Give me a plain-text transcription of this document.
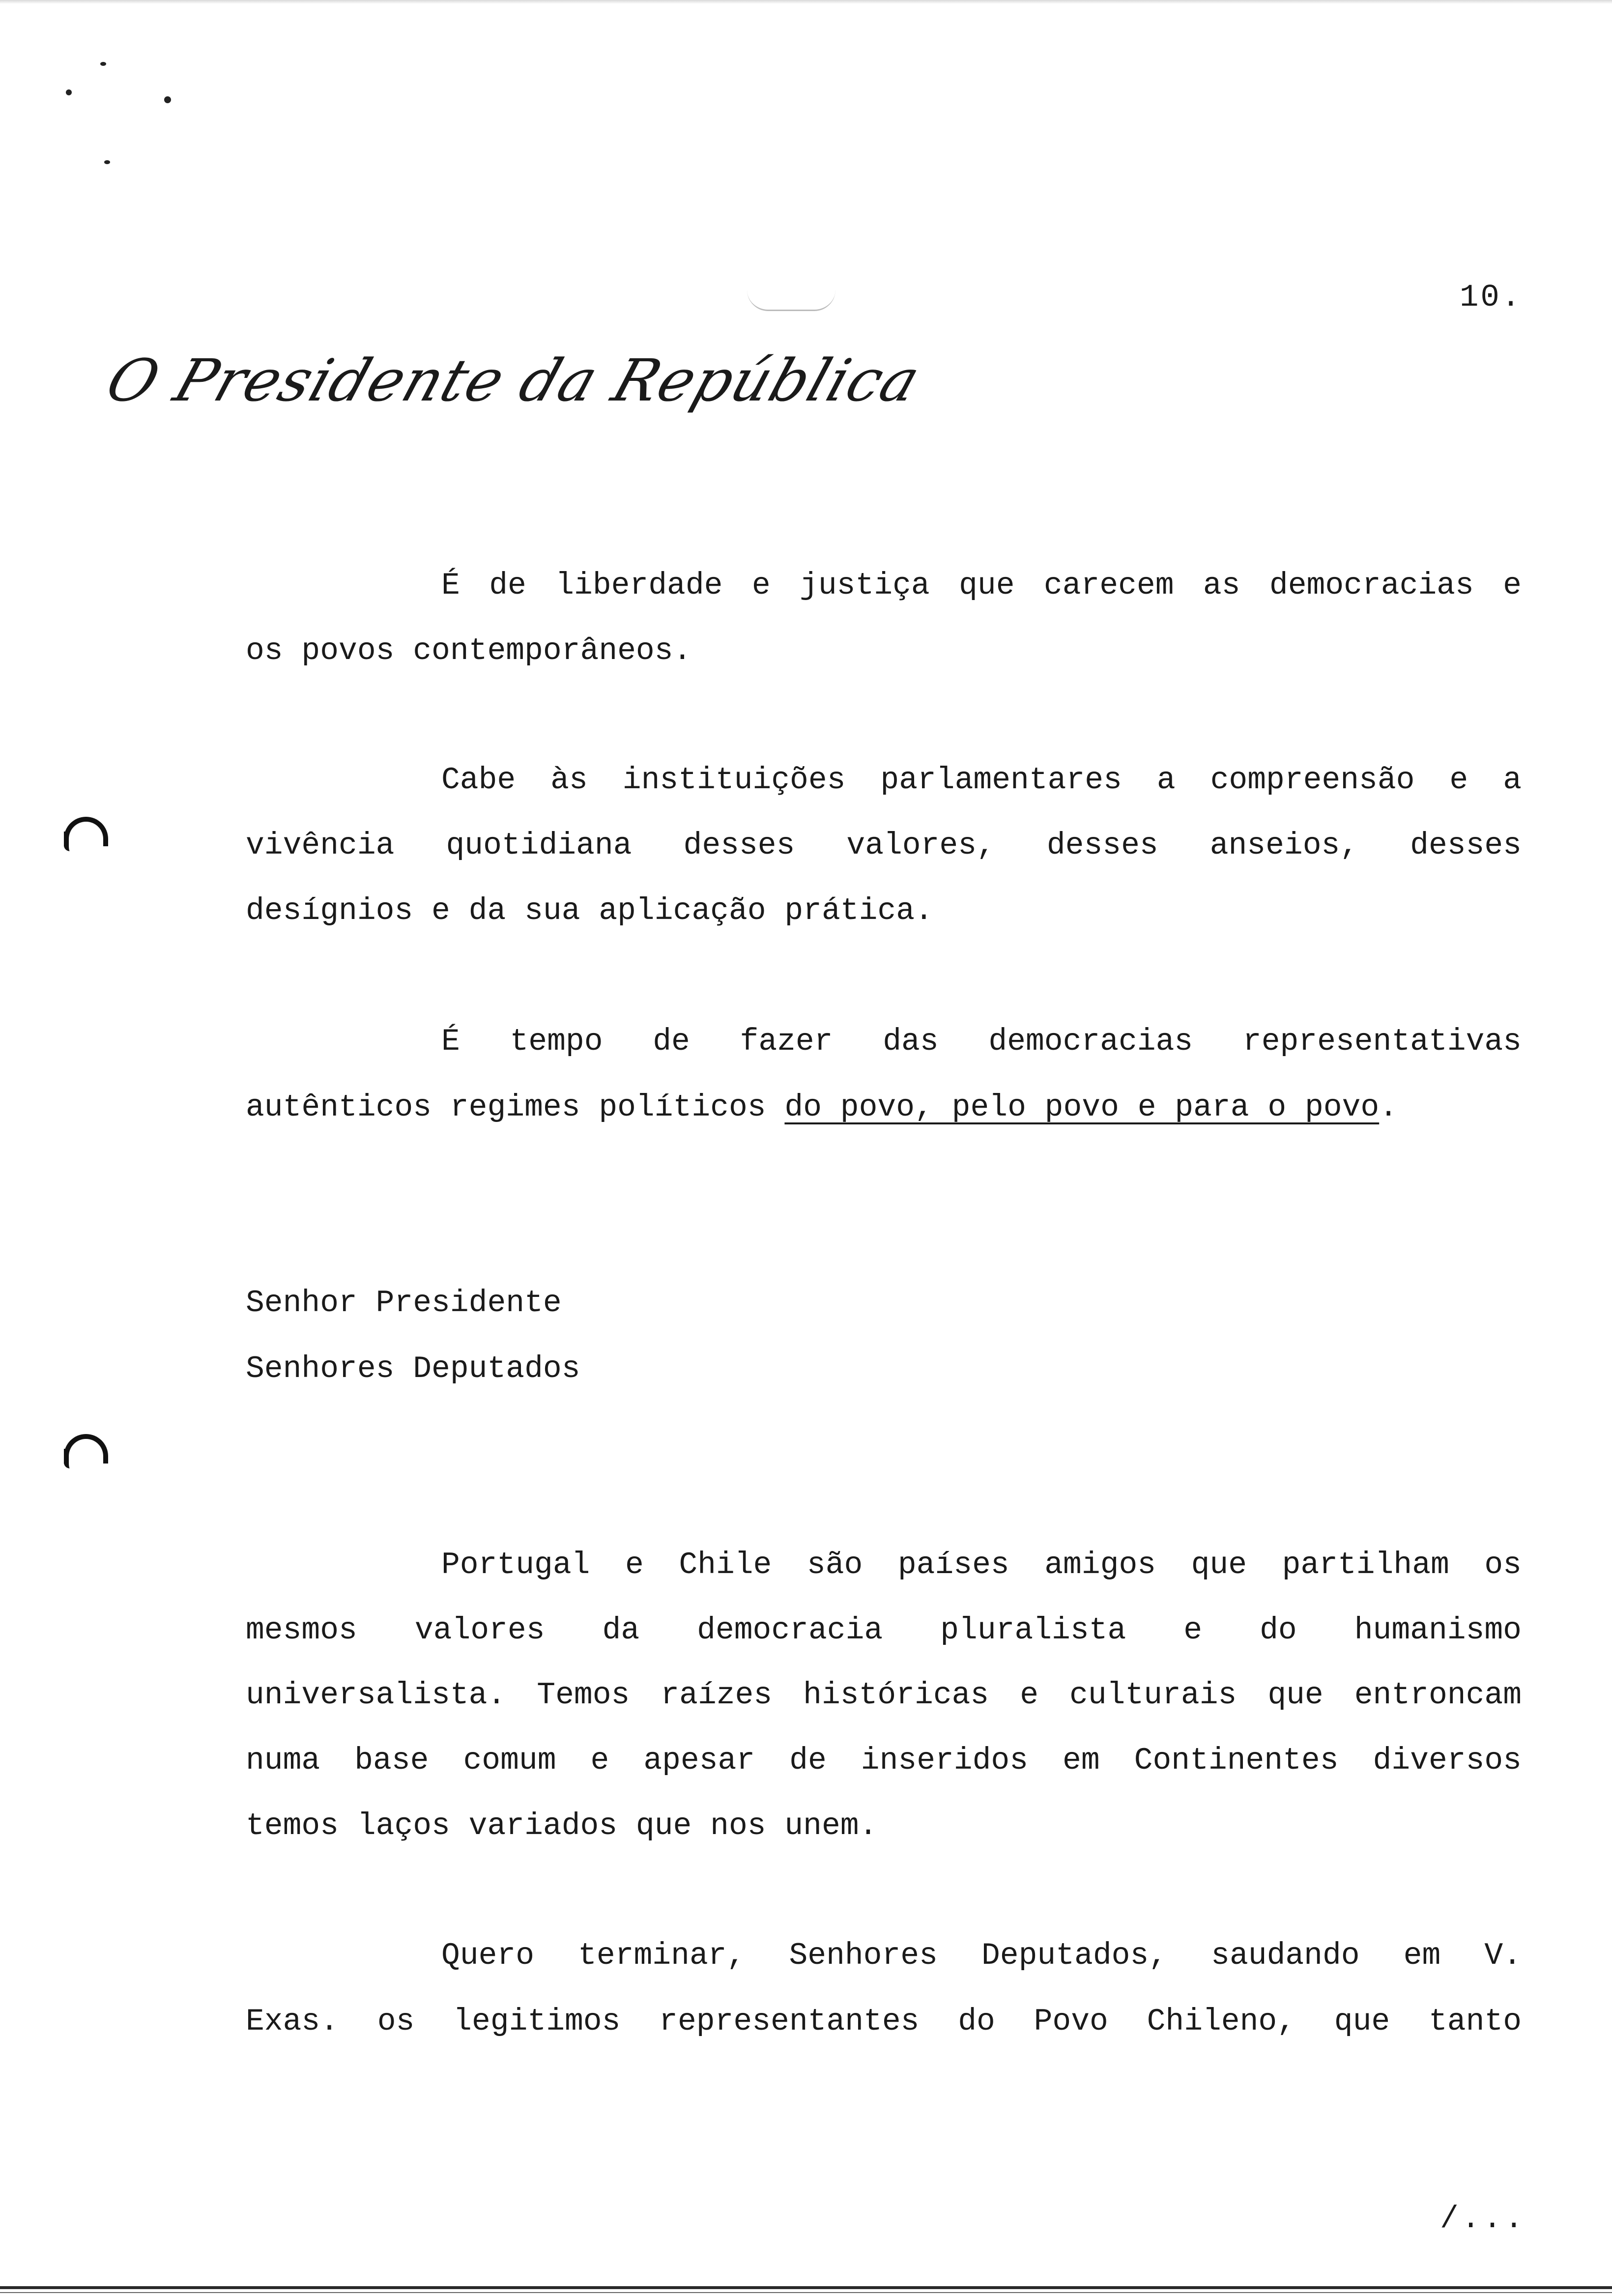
10.
O Presidente da República
É de liberdade e justiça que carecem as democracias e
os povos contemporâneos.
Cabe às instituições parlamentares a compreensão e a
vivência quotidiana desses valores, desses anseios, desses
desígnios e da sua aplicação prática.
É tempo de fazer das democracias representativas
autênticos regimes políticos do povo, pelo povo e para o povo.
Senhor Presidente
Senhores Deputados
Portugal e Chile são países amigos que partilham os
mesmos valores da democracia pluralista e do humanismo
universalista. Temos raízes históricas e culturais que entroncam
numa base comum e apesar de inseridos em Continentes diversos
temos laços variados que nos unem.
Quero terminar, Senhores Deputados, saudando em V.
Exas. os legitimos representantes do Povo Chileno, que tanto
/...
